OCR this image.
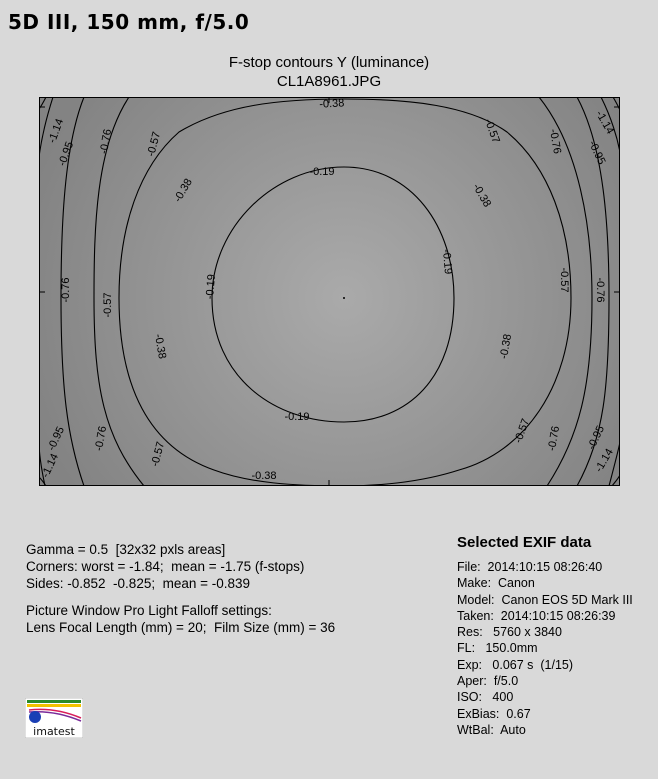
5D III, 150 mm, f/5.0
F-stop contours Y (luminance)
CL1A8961.JPG
-0.38
-0.19
-0.19
-0.19
-0.19
-0.38	-0.38
-0.38	-0.38
-0.38
-0.57	-0.57
-0.57
-0.57
-0.57
-0.57
-0.76	-0.76
-0.76	-0.76
-0.76	-0.76
-1.14
-0.95
-1.14
-0.95
-0.95
-1.14
-0.95
-1.14
Gamma = 0.5  [32x32 pxls areas]
Corners: worst = -1.84;  mean = -1.75 (f-stops)
Sides: -0.852  -0.825;  mean = -0.839
Picture Window Pro Light Falloff settings:
Lens Focal Length (mm) = 20;  Film Size (mm) = 36
Selected EXIF data
File:  2014:10:15 08:26:40
Make:  Canon
Model:  Canon EOS 5D Mark III
Taken:  2014:10:15 08:26:39
Res:   5760 x 3840
FL:   150.0mm
Exp:   0.067 s  (1/15)
Aper:  f/5.0
ISO:   400
ExBias:  0.67
WtBal:  Auto
imatest
